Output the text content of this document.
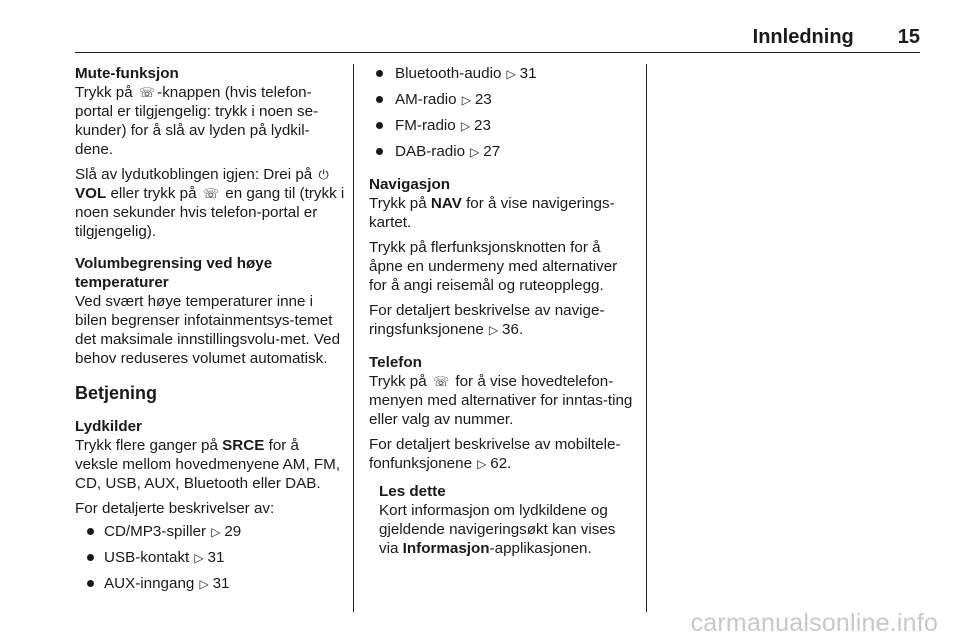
Innledning 15
Mute-funksjon

Trykk på ☏ -knappen (hvis telefon-portal er tilgjengelig: trykk i noen se-kunder) for å slå av lyden på lydkil-dene.

Slå av lydutkoblingen igjen: Drei på ⏻ VOL eller trykk på ☏ en gang til (trykk i noen sekunder hvis telefon-portal er tilgjengelig).

Volumbegrensing ved høye temperaturer

Ved svært høye temperaturer inne i bilen begrenser infotainmentsys-temet det maksimale innstillingsvolu-met. Ved behov reduseres volumet automatisk.

Betjening
Lydkilder

Trykk flere ganger på SRCE for å veksle mellom hovedmenyene AM, FM, CD, USB, AUX, Bluetooth eller DAB.

For detaljerte beskrivelser av:

CD/MP3-spiller ▷ 29
USB-kontakt ▷ 31
AUX-inngang ▷ 31
Bluetooth-audio ▷ 31
AM-radio ▷ 23
FM-radio ▷ 23
DAB-radio ▷ 27
Navigasjon

Trykk på NAV for å vise navigerings-kartet.

Trykk på flerfunksjonsknotten for å åpne en undermeny med alternativer for å angi reisemål og ruteopplegg.

For detaljert beskrivelse av navige-ringsfunksjonene ▷ 36.

Telefon

Trykk på ☏ for å vise hovedtelefon-menyen med alternativer for inntas-ting eller valg av nummer.

For detaljert beskrivelse av mobiltele-fonfunksjonene ▷ 62.

Les dette

Kort informasjon om lydkildene og gjeldende navigeringsøkt kan vises via Informasjon-applikasjonen.

carmanualsonline.info
